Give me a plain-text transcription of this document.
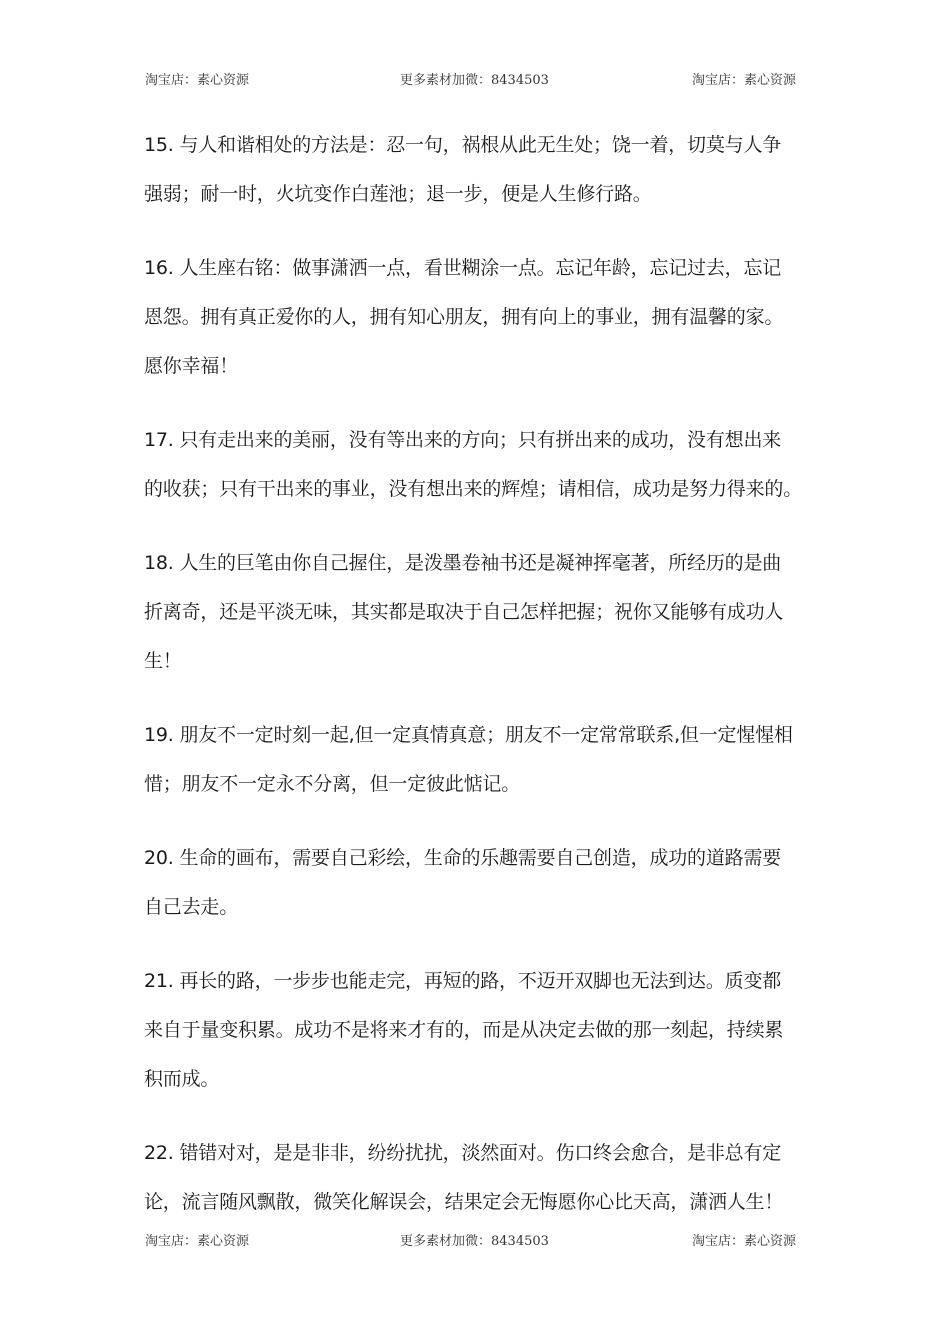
淘宝店：素心资源	更多素材加微：8434503	淘宝店：素心资源
15. 与人和谐相处的方法是：忍一句，祸根从此无生处；饶一着，切莫与人争
强弱；耐一时，火坑变作白莲池；退一步，便是人生修行路。
16. 人生座右铭：做事潇洒一点，看世糊涂一点。忘记年龄，忘记过去，忘记
恩怨。拥有真正爱你的人，拥有知心朋友，拥有向上的事业，拥有温馨的家。
愿你幸福！
17. 只有走出来的美丽，没有等出来的方向；只有拼出来的成功，没有想出来
的收获；只有干出来的事业，没有想出来的辉煌；请相信，成功是努力得来的。
18. 人生的巨笔由你自己握住，是泼墨卷袖书还是凝神挥毫著，所经历的是曲
折离奇，还是平淡无味，其实都是取决于自己怎样把握；祝你又能够有成功人
生！
19. 朋友不一定时刻一起,但一定真情真意；朋友不一定常常联系,但一定惺惺相
惜；朋友不一定永不分离，但一定彼此惦记。
20. 生命的画布，需要自己彩绘，生命的乐趣需要自己创造，成功的道路需要
自己去走。
21. 再长的路，一步步也能走完，再短的路，不迈开双脚也无法到达。质变都
来自于量变积累。成功不是将来才有的，而是从决定去做的那一刻起，持续累
积而成。
22. 错错对对，是是非非，纷纷扰扰，淡然面对。伤口终会愈合，是非总有定
论，流言随风飘散，微笑化解误会，结果定会无悔愿你心比天高，潇洒人生！
淘宝店：素心资源	更多素材加微：8434503	淘宝店：素心资源
